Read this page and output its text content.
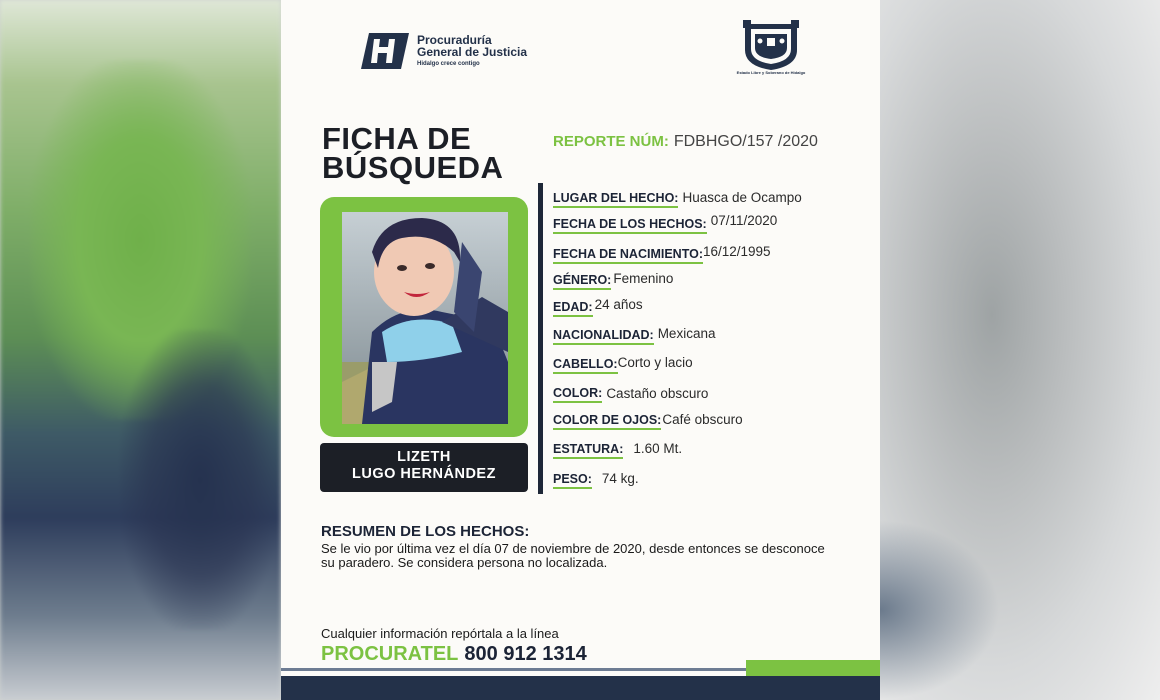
Procuraduría
General de Justicia
Hidalgo crece contigo
Estado Libre y Soberano de Hidalgo
FICHA DE
BÚSQUEDA
REPORTE NÚM: FDBHGO/157 /2020
LIZETH
LUGO HERNÁNDEZ
LUGAR DEL HECHO: Huasca de Ocampo
FECHA DE LOS HECHOS: 07/11/2020
FECHA DE NACIMIENTO:16/12/1995
GÉNERO: Femenino
EDAD: 24 años
NACIONALIDAD: Mexicana
CABELLO:Corto y lacio
COLOR: Castaño obscuro
COLOR DE OJOS:Café obscuro
ESTATURA: 1.60 Mt.
PESO: 74 kg.
RESUMEN DE LOS HECHOS:
Se le vio por última vez el día 07 de noviembre de 2020, desde entonces se desconoce su paradero. Se considera persona no localizada.
Cualquier información repórtala a la línea
PROCURATEL 800 912 1314
